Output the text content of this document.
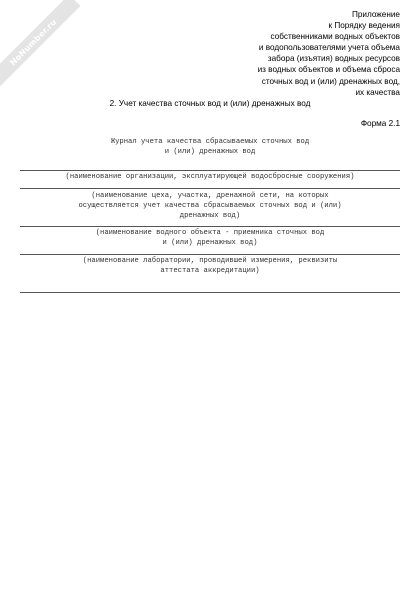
NoNumber.ru
Приложение
к Порядку ведения
собственниками водных объектов
и водопользователями учета объема
забора (изъятия) водных ресурсов
из водных объектов и объема сброса
сточных вод и (или) дренажных вод,
их качества
2. Учет качества сточных вод и (или) дренажных вод
Форма 2.1
Журнал учета качества сбрасываемых сточных вод
и (или) дренажных вод
(наименование организации, эксплуатирующей водосбросные сооружения)
(наименование цеха, участка, дренажной сети, на которых
осуществляется учет качества сбрасываемых сточных вод и (или)
дренажных вод)
(наименование водного объекта - приемника сточных вод
и (или) дренажных вод)
(наименование лаборатории, проводившей измерения, реквизиты
аттестата аккредитации)
